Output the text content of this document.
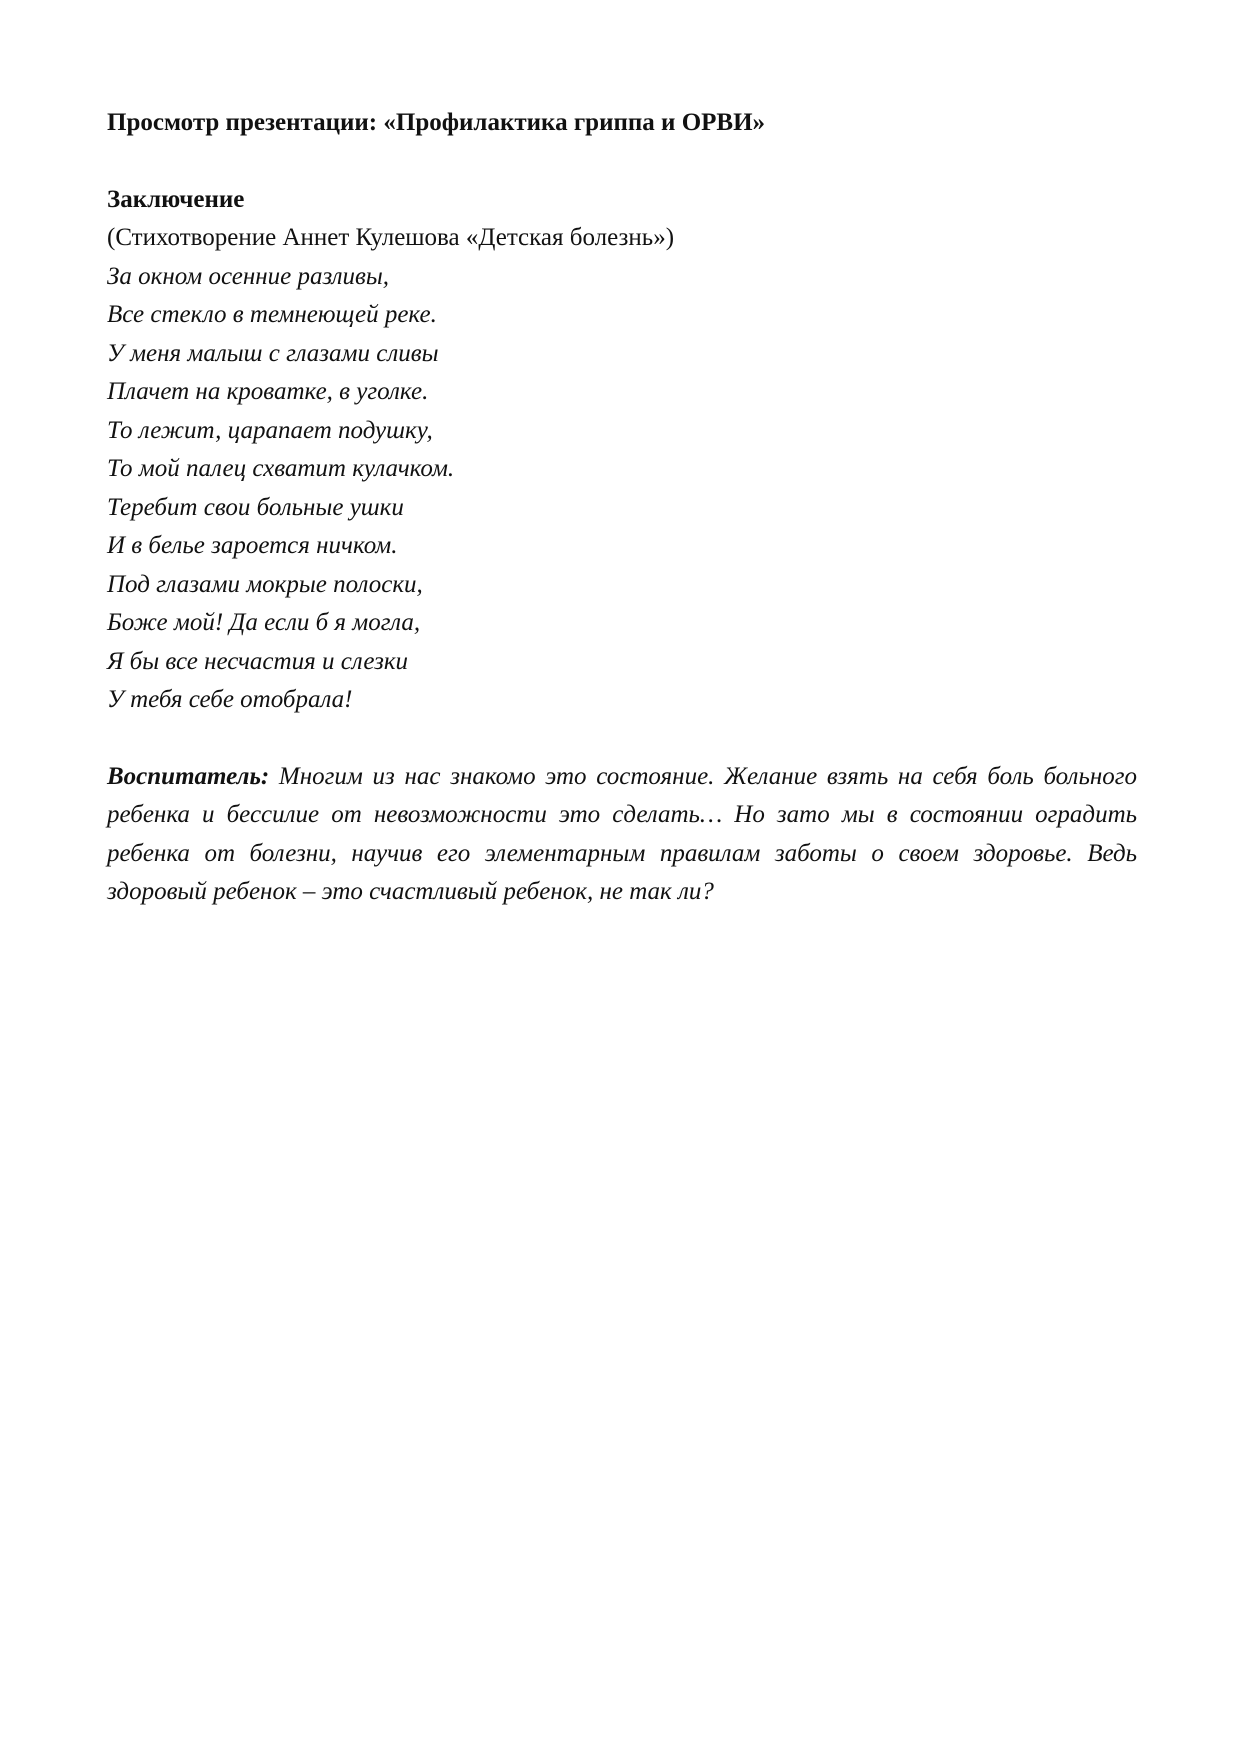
Просмотр презентации: «Профилактика гриппа и ОРВИ»

Заключение

(Стихотворение Аннет Кулешова «Детская болезнь»)

За окном осенние разливы,

Все стекло в темнеющей реке.

У меня малыш с глазами сливы

Плачет на кроватке, в уголке.

То лежит, царапает подушку,

То мой палец схватит кулачком.

Теребит свои больные ушки

И в белье зароется ничком.

Под глазами мокрые полоски,

Боже мой! Да если б я могла,

Я бы все несчастия и слезки

У тебя себе отобрала!

Воспитатель: Многим из нас знакомо это состояние. Желание взять на себя боль больного ребенка и бессилие от невозможности это сделать… Но зато мы в состоянии оградить ребенка от болезни, научив его элементарным правилам заботы о своем здоровье. Ведь здоровый ребенок – это счастливый ребенок, не так ли?
